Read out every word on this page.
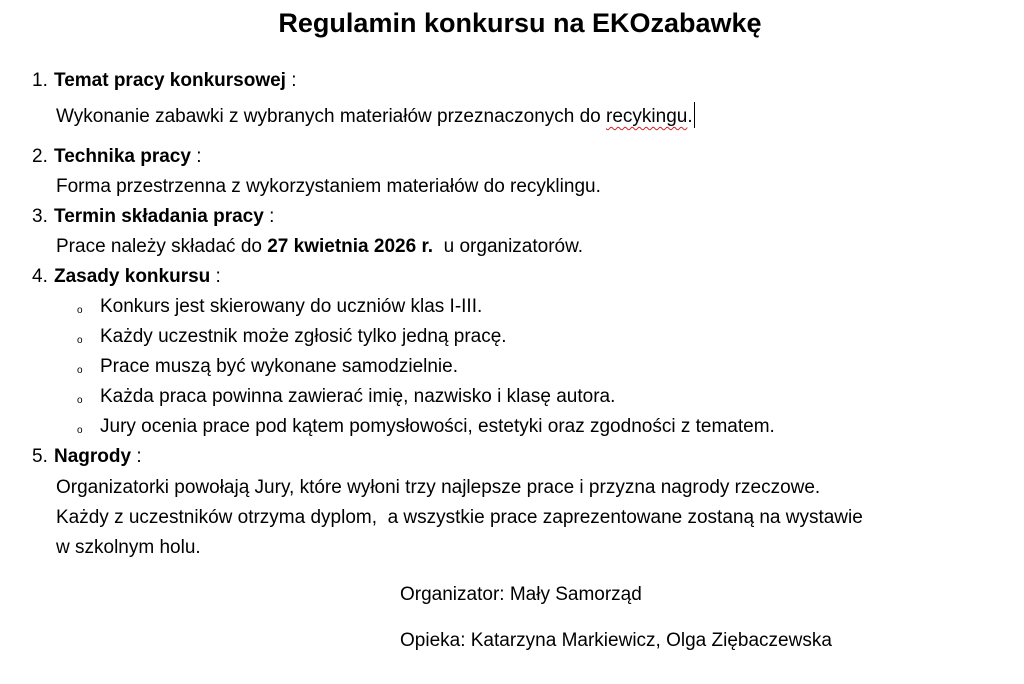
Regulamin konkursu na EKOzabawkę
1. Temat pracy konkursowej :
Wykonanie zabawki z wybranych materiałów przeznaczonych do recykingu.
2. Technika pracy :
Forma przestrzenna z wykorzystaniem materiałów do recyklingu.
3. Termin składania pracy :
Prace należy składać do 27 kwietnia 2026 r.  u organizatorów.
4. Zasady konkursu :
o Konkurs jest skierowany do uczniów klas I-III.
o Każdy uczestnik może zgłosić tylko jedną pracę.
o Prace muszą być wykonane samodzielnie.
o Każda praca powinna zawierać imię, nazwisko i klasę autora.
o Jury ocenia prace pod kątem pomysłowości, estetyki oraz zgodności z tematem.
5. Nagrody :
Organizatorki powołają Jury, które wyłoni trzy najlepsze prace i przyzna nagrody rzeczowe.
Każdy z uczestników otrzyma dyplom,  a wszystkie prace zaprezentowane zostaną na wystawie
w szkolnym holu.
Organizator: Mały Samorząd
Opieka: Katarzyna Markiewicz, Olga Ziębaczewska
